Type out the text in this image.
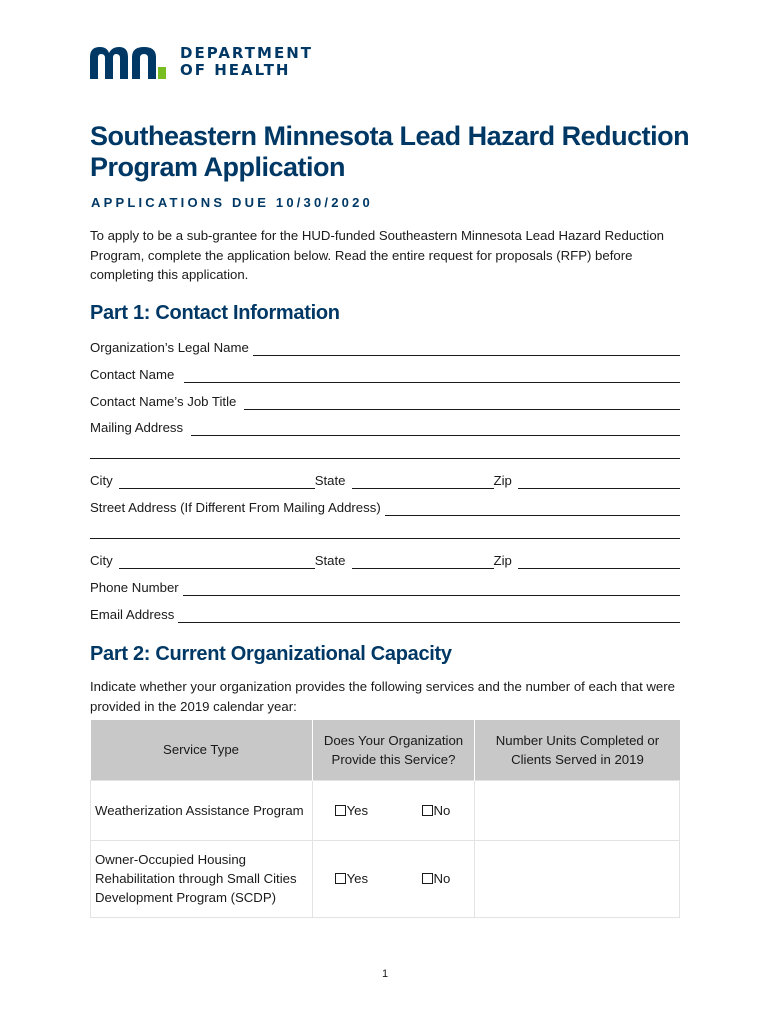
DEPARTMENT
OF HEALTH
Southeastern Minnesota Lead Hazard Reduction Program Application
APPLICATIONS DUE 10/30/2020
To apply to be a sub-grantee for the HUD-funded Southeastern Minnesota Lead Hazard Reduction Program, complete the application below. Read the entire request for proposals (RFP) before completing this application.
Part 1: Contact Information
Organization’s Legal Name
Contact Name
Contact Name’s Job Title
Mailing Address
City	State	Zip
Street Address (If Different From Mailing Address)
City	State	Zip
Phone Number
Email Address
Part 2: Current Organizational Capacity
Indicate whether your organization provides the following services and the number of each that were provided in the 2019 calendar year:
Service Type	Does Your Organization Provide this Service?	Number Units Completed or Clients Served in 2019
Weatherization Assistance Program	Yes No	

Owner-Occupied Housing Rehabilitation through Small Cities Development Program (SCDP)	Yes No	

1
